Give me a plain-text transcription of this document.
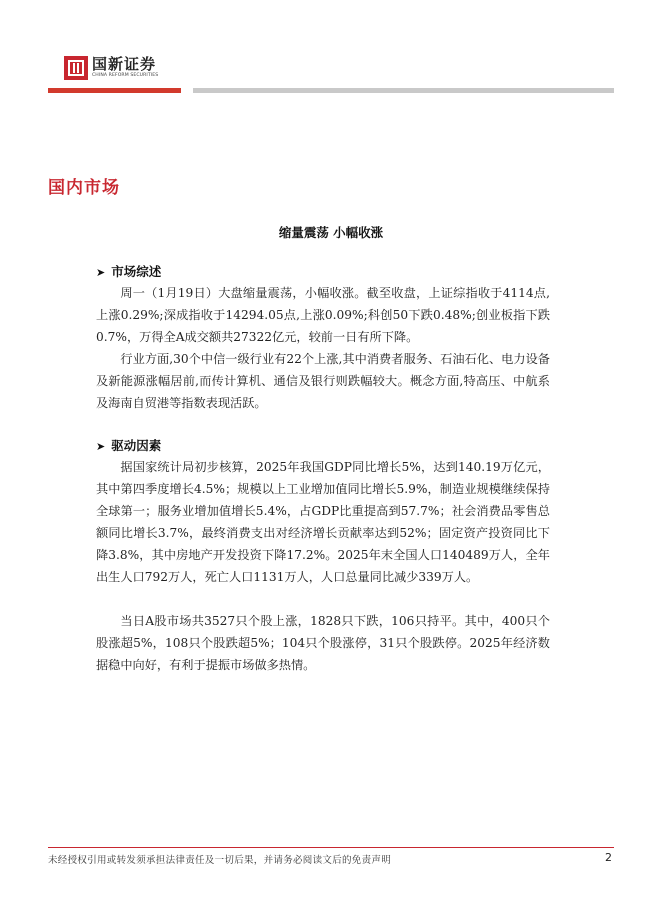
国新证券
CHINA REFORM SECURITIES
国内市场
缩量震荡 小幅收涨
➤ 市场综述

周一（1月19日）大盘缩量震荡，小幅收涨。截至收盘，上证综指收于4114点,上涨0.29%;深成指收于14294.05点,上涨0.09%;科创50下跌0.48%;创业板指下跌0.7%，万得全A成交额共27322亿元，较前一日有所下降。

行业方面,30个中信一级行业有22个上涨,其中消费者服务、石油石化、电力设备及新能源涨幅居前,而传计算机、通信及银行则跌幅较大。概念方面,特高压、中航系及海南自贸港等指数表现活跃。

➤ 驱动因素

据国家统计局初步核算，2025年我国GDP同比增长5%，达到140.19万亿元，其中第四季度增长4.5%；规模以上工业增加值同比增长5.9%，制造业规模继续保持全球第一；服务业增加值增长5.4%，占GDP比重提高到57.7%；社会消费品零售总额同比增长3.7%，最终消费支出对经济增长贡献率达到52%；固定资产投资同比下降3.8%，其中房地产开发投资下降17.2%。2025年末全国人口140489万人，全年出生人口792万人，死亡人口1131万人，人口总量同比减少339万人。

当日A股市场共3527只个股上涨，1828只下跌，106只持平。其中，400只个股涨超5%，108只个股跌超5%；104只个股涨停，31只个股跌停。2025年经济数据稳中向好，有利于提振市场做多热情。

未经授权引用或转发须承担法律责任及一切后果，并请务必阅读文后的免责声明	2
